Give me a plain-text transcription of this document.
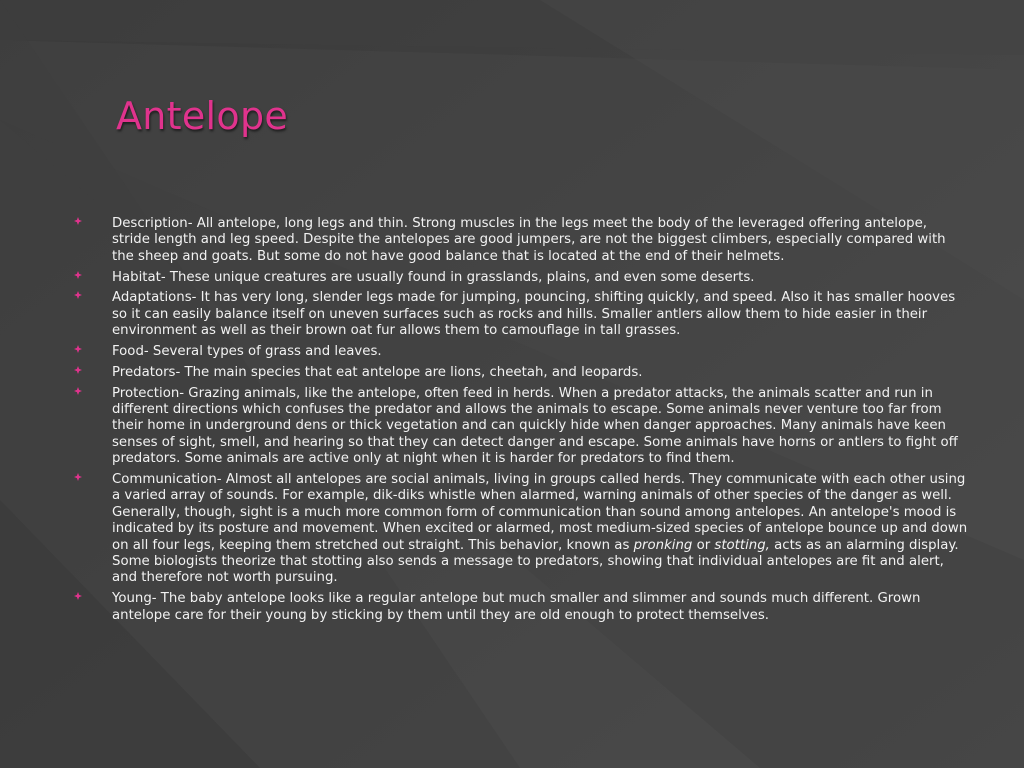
Antelope
Description- All antelope, long legs and thin. Strong muscles in the legs meet the body of the leveraged offering antelope, stride length and leg speed. Despite the antelopes are good jumpers, are not the biggest climbers, especially compared with the sheep and goats. But some do not have good balance that is located at the end of their helmets.
Habitat- These unique creatures are usually found in grasslands, plains, and even some deserts.
Adaptations- It has very long, slender legs made for jumping, pouncing, shifting quickly, and speed. Also it has smaller hooves so it can easily balance itself on uneven surfaces such as rocks and hills. Smaller antlers allow them to hide easier in their environment as well as their brown oat fur allows them to camouflage in tall grasses.
Food- Several types of grass and leaves.
Predators- The main species that eat antelope are lions, cheetah, and leopards.
Protection- Grazing animals, like the antelope, often feed in herds. When a predator attacks, the animals scatter and run in different directions which confuses the predator and allows the animals to escape. Some animals never venture too far from their home in underground dens or thick vegetation and can quickly hide when danger approaches. Many animals have keen senses of sight, smell, and hearing so that they can detect danger and escape. Some animals have horns or antlers to fight off predators. Some animals are active only at night when it is harder for predators to find them.
Communication- Almost all antelopes are social animals, living in groups called herds. They communicate with each other using a varied array of sounds. For example, dik-diks whistle when alarmed, warning animals of other species of the danger as well. Generally, though, sight is a much more common form of communication than sound among antelopes. An antelope's mood is indicated by its posture and movement. When excited or alarmed, most medium-sized species of antelope bounce up and down on all four legs, keeping them stretched out straight. This behavior, known as pronking or stotting, acts as an alarming display. Some biologists theorize that stotting also sends a message to predators, showing that individual antelopes are fit and alert, and therefore not worth pursuing.
Young- The baby antelope looks like a regular antelope but much smaller and slimmer and sounds much different. Grown antelope care for their young by sticking by them until they are old enough to protect themselves.
